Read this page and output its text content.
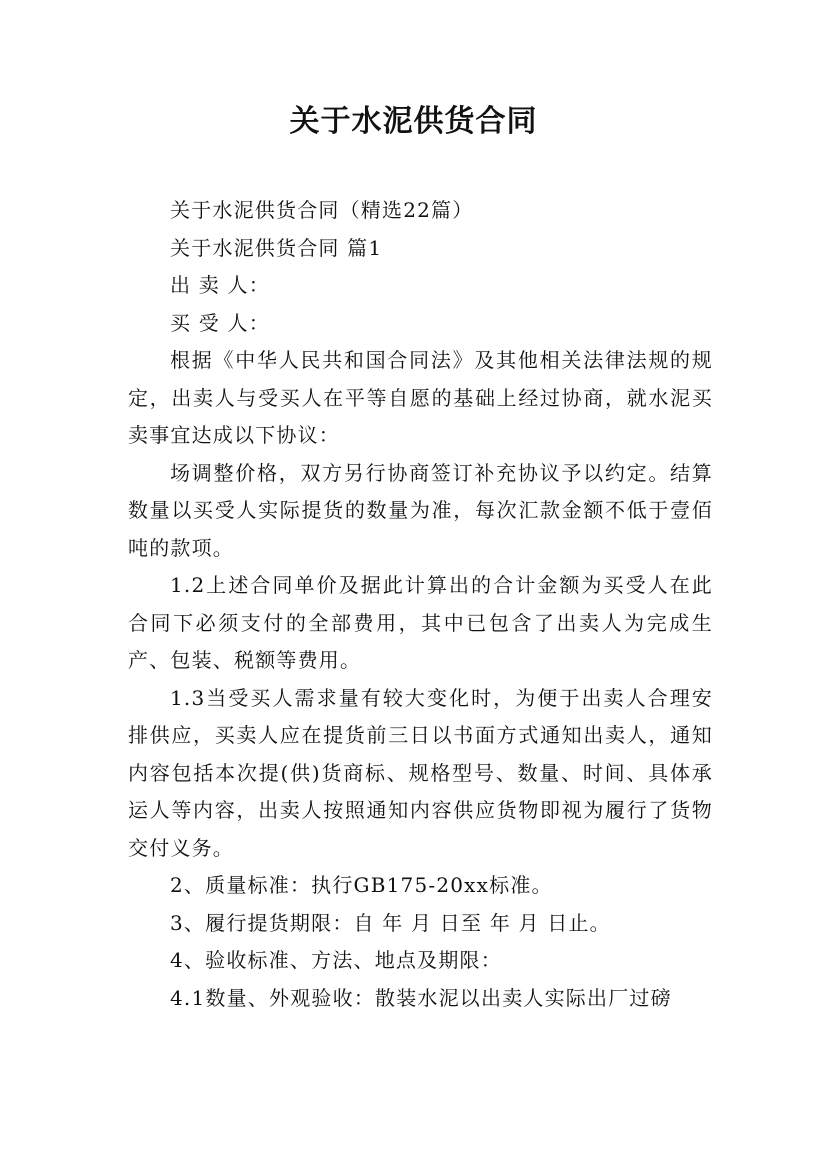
关于水泥供货合同

关于水泥供货合同（精选22篇）

关于水泥供货合同 篇1

出 卖 人：

买 受 人：

根据《中华人民共和国合同法》及其他相关法律法规的规定，出卖人与受买人在平等自愿的基础上经过协商，就水泥买卖事宜达成以下协议：

场调整价格，双方另行协商签订补充协议予以约定。结算数量以买受人实际提货的数量为准，每次汇款金额不低于壹佰吨的款项。

1.2上述合同单价及据此计算出的合计金额为买受人在此合同下必须支付的全部费用，其中已包含了出卖人为完成生产、包装、税额等费用。

1.3当受买人需求量有较大变化时，为便于出卖人合理安排供应，买卖人应在提货前三日以书面方式通知出卖人，通知内容包括本次提(供)货商标、规格型号、数量、时间、具体承运人等内容，出卖人按照通知内容供应货物即视为履行了货物交付义务。

2、质量标准：执行GB175-20xx标准。

3、履行提货期限：自 年 月 日至 年 月 日止。

4、验收标准、方法、地点及期限：

4.1数量、外观验收：散装水泥以出卖人实际出厂过磅
